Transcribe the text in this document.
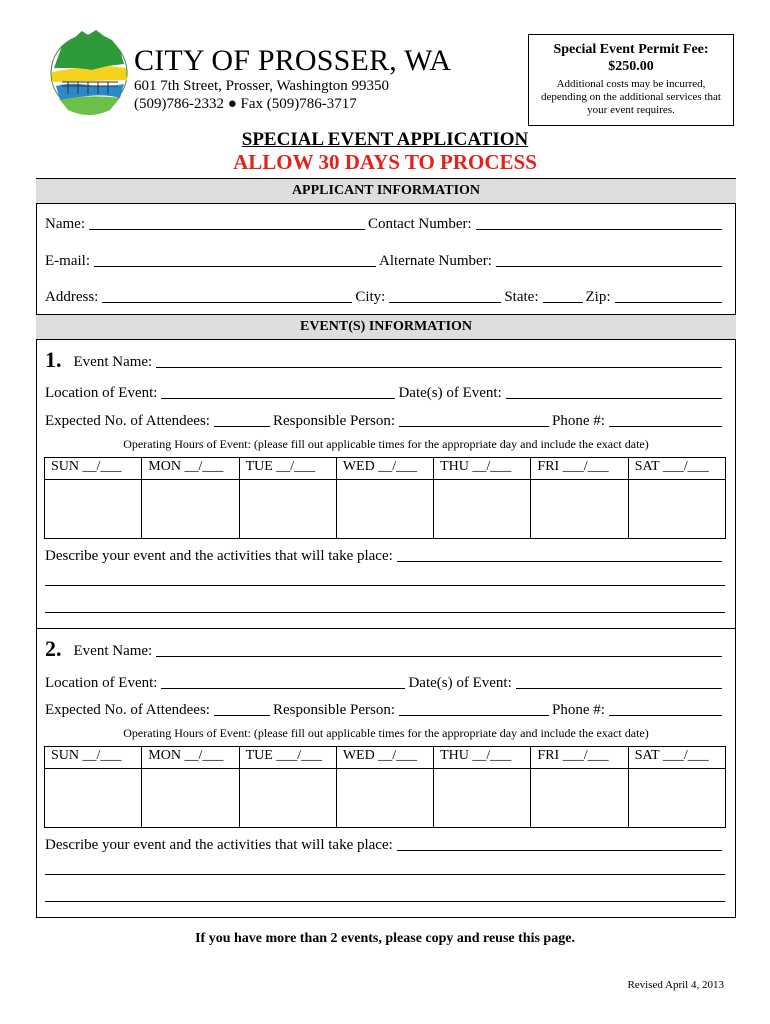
CITY OF PROSSER, WA
601 7th Street, Prosser, Washington 99350
(509)786-2332 ● Fax (509)786-3717
Special Event Permit Fee:
$250.00
Additional costs may be incurred, depending on the additional services that your event requires.
SPECIAL EVENT APPLICATION
ALLOW 30 DAYS TO PROCESS
APPLICANT INFORMATION
Name:	Contact Number:
E-mail:	Alternate Number:
Address:	City:	State:	Zip:
EVENT(S) INFORMATION
1. Event Name:
Location of Event:	Date(s) of Event:
Expected No. of Attendees:	Responsible Person:	Phone #:
Operating Hours of Event: (please fill out applicable times for the appropriate day and include the exact date)
SUN __/___	MON __/___	TUE __/___	WED __/___	THU __/___	FRI ___/___	SAT ___/___

Describe your event and the activities that will take place:
2. Event Name:
Location of Event:	Date(s) of Event:
Expected No. of Attendees:	Responsible Person:	Phone #:
Operating Hours of Event: (please fill out applicable times for the appropriate day and include the exact date)
SUN __/___	MON __/___	TUE ___/___	WED __/___	THU __/___	FRI ___/___	SAT ___/___

Describe your event and the activities that will take place:
If you have more than 2 events, please copy and reuse this page.
Revised April 4, 2013
